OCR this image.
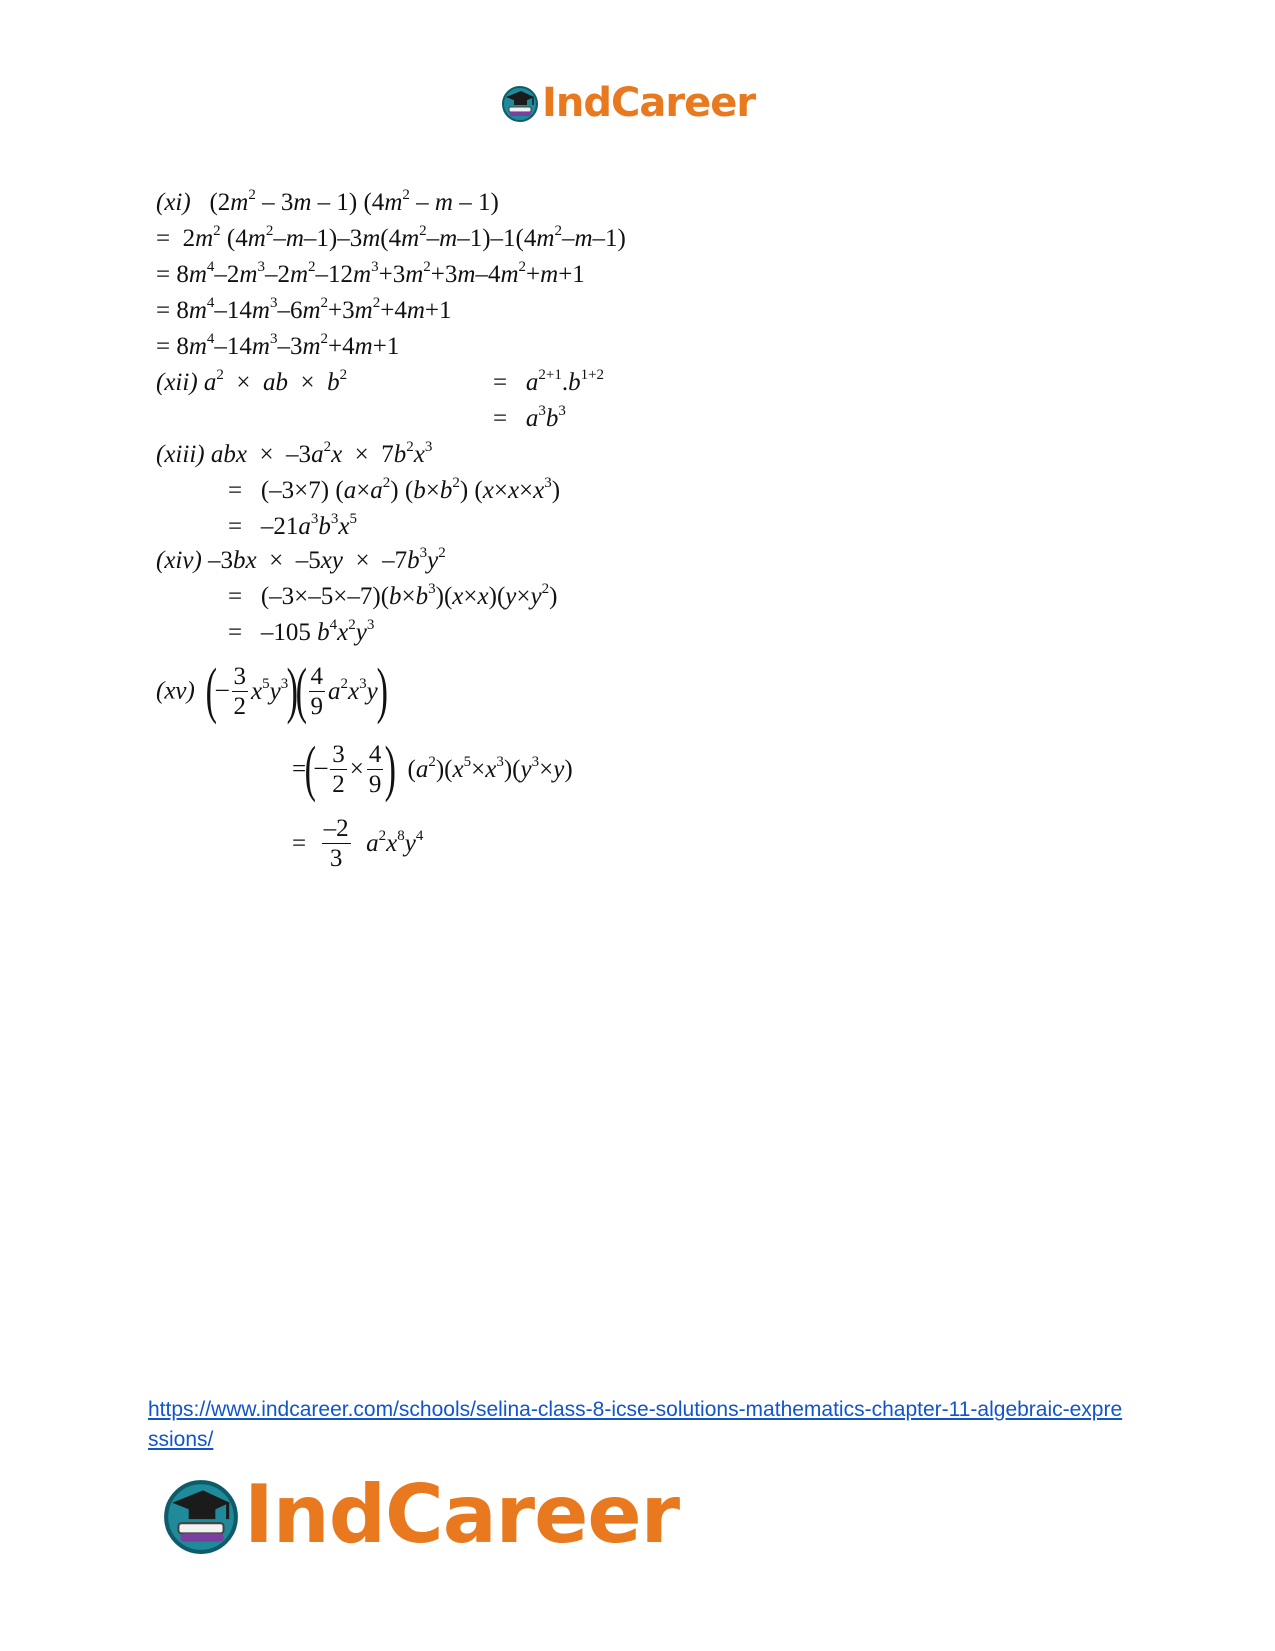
IndCareer
(xi)   $(2m^2 - 3m - 1)$ ($4m^2$ – m – 1)
=  $2m^2$ $(4m^2-m-1)-3m(4m^2-m-1)-1(4m^2-m-1)$
= $8m^4-2m^3-2m^2-12m^3+3m^2+3m-4m^2+m+1$
= $8m^4-14m^3-6m^2+3m^2+4m+1$
= $8m^4-14m^3-3m^2+4m+1$
(xii) $a^2$  ×  ab  ×  $b^2$	=   $a^{2+1}.b^{1+2}$
=   $a^3b^3$
(xiii) abx  ×  $-3a^2x \times 7b^2x^3$
=   (–3×7) $(a\times a^2)$ $(b\times b^2)$ $(x\times x\times x^3)$
=   $-21a^3b^3x^5$
(xiv) $-3bx \times -5xy \times -7b^3y^2$
=   $(-3\times-5\times-7)(b\times b^3)(x\times x)(y\times y^2)$
=   –105 $b^4x^2y^3$
(xv) (– $\frac{3}{2} x^5y^3)( \frac{4}{9} a^2x^3y)$
=(– $\frac{3}{2} \times \frac{4}{9}$ )  $(a^2)(x^5\times x^3)(y^3\times y)$
= $\frac{-2}{3} a^2x^8y^4$
https://www.indcareer.com/schools/selina-class-8-icse-solutions-mathematics-chapter-11-algebraic-expressions/
IndCareer
